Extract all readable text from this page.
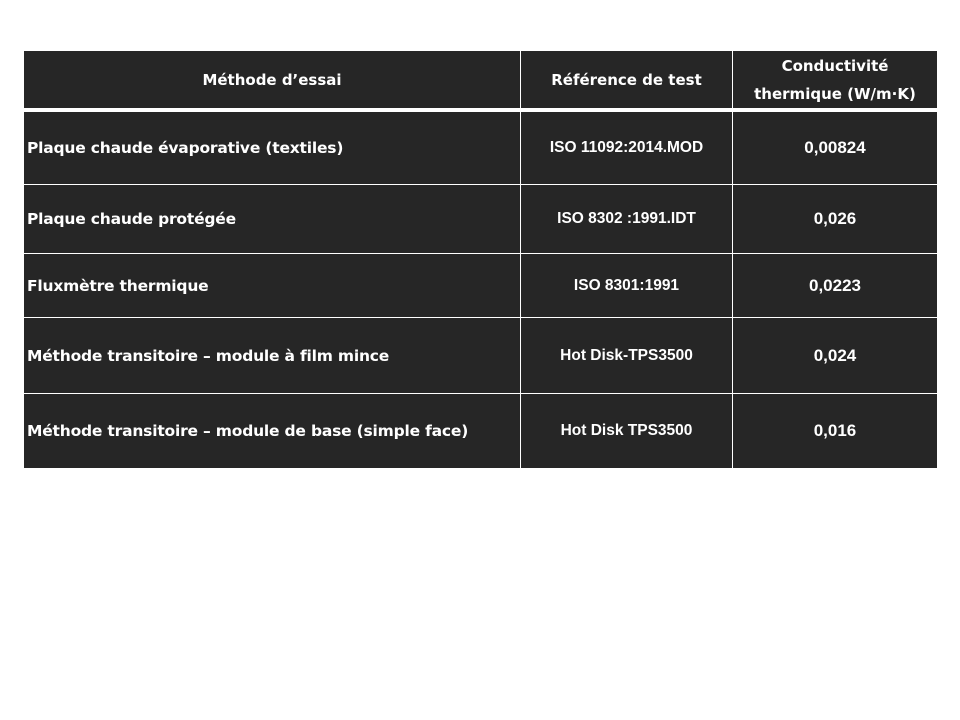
Méthode d’essai	Référence de test	Conductivité
thermique (W/m·K)
Plaque chaude évaporative (textiles)	ISO 11092:2014.MOD	0,00824
Plaque chaude protégée	ISO 8302 :1991.IDT	0,026
Fluxmètre thermique	ISO 8301:1991	0,0223
Méthode transitoire – module à film mince	Hot Disk-TPS3500	0,024
Méthode transitoire – module de base (simple face)	Hot Disk TPS3500	0,016
